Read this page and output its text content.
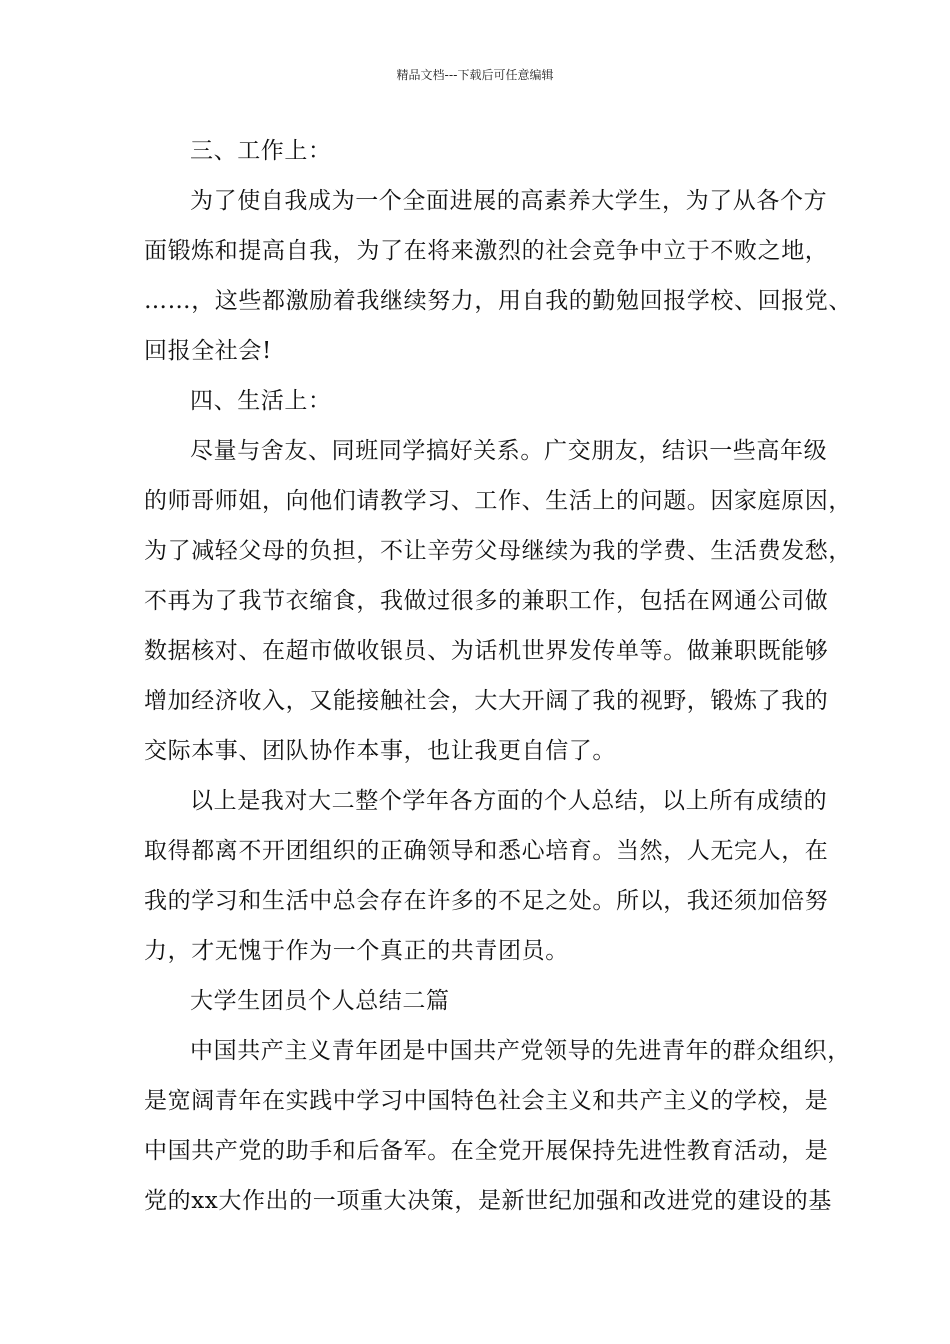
精品文档---下载后可任意编辑
三、工作上：
为了使自我成为一个全面进展的高素养大学生，为了从各个方
面锻炼和提高自我，为了在将来激烈的社会竞争中立于不败之地，
……，这些都激励着我继续努力，用自我的勤勉回报学校、回报党、
回报全社会!
四、生活上：
尽量与舍友、同班同学搞好关系。广交朋友，结识一些高年级
的师哥师姐，向他们请教学习、工作、生活上的问题。因家庭原因，
为了减轻父母的负担，不让辛劳父母继续为我的学费、生活费发愁，
不再为了我节衣缩食，我做过很多的兼职工作，包括在网通公司做
数据核对、在超市做收银员、为话机世界发传单等。做兼职既能够
增加经济收入，又能接触社会，大大开阔了我的视野，锻炼了我的
交际本事、团队协作本事，也让我更自信了。
以上是我对大二整个学年各方面的个人总结，以上所有成绩的
取得都离不开团组织的正确领导和悉心培育。当然，人无完人，在
我的学习和生活中总会存在许多的不足之处。所以，我还须加倍努
力，才无愧于作为一个真正的共青团员。
大学生团员个人总结二篇
中国共产主义青年团是中国共产党领导的先进青年的群众组织，
是宽阔青年在实践中学习中国特色社会主义和共产主义的学校，是
中国共产党的助手和后备军。在全党开展保持先进性教育活动，是
党的xx大作出的一项重大决策，是新世纪加强和改进党的建设的基
